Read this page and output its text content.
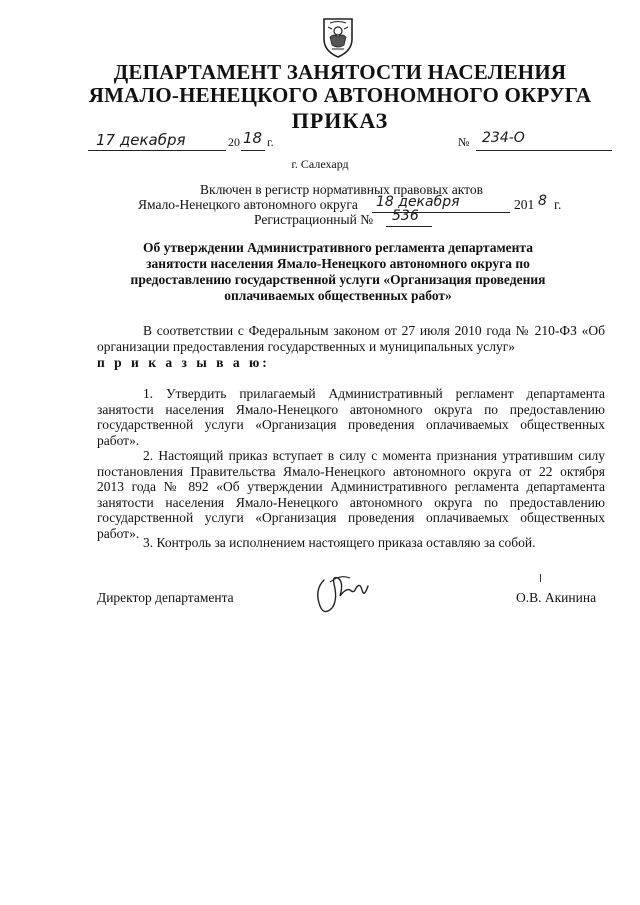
ДЕПАРТАМЕНТ ЗАНЯТОСТИ НАСЕЛЕНИЯ
ЯМАЛО-НЕНЕЦКОГО АВТОНОМНОГО ОКРУГА
ПРИКАЗ
17 декабря	20 18 г.	№ 234-О
г. Салехард
Включен в регистр нормативных правовых актов
Ямало-Ненецкого автономного округа 18 декабря	201 8 г.
Регистрационный № 536
Об утверждении Административного регламента департамента занятости населения Ямало-Ненецкого автономного округа по предоставлению государственной услуги «Организация проведения оплачиваемых общественных работ»
В соответствии с Федеральным законом от 27 июля 2010 года № 210-ФЗ «Об организации предоставления государственных и муниципальных услуг»
п р и к а з ы в а ю:
1. Утвердить прилагаемый Административный регламент департамента занятости населения Ямало-Ненецкого автономного округа по предоставлению государственной услуги «Организация проведения оплачиваемых общественных работ».
2. Настоящий приказ вступает в силу с момента признания утратившим силу постановления Правительства Ямало-Ненецкого автономного округа от 22 октября 2013 года № 892 «Об утверждении Административного регламента департамента занятости населения Ямало-Ненецкого автономного округа по предоставлению государственной услуги «Организация проведения оплачиваемых общественных работ».
3. Контроль за исполнением настоящего приказа оставляю за собой.
Директор департамента	О.В. Акинина
